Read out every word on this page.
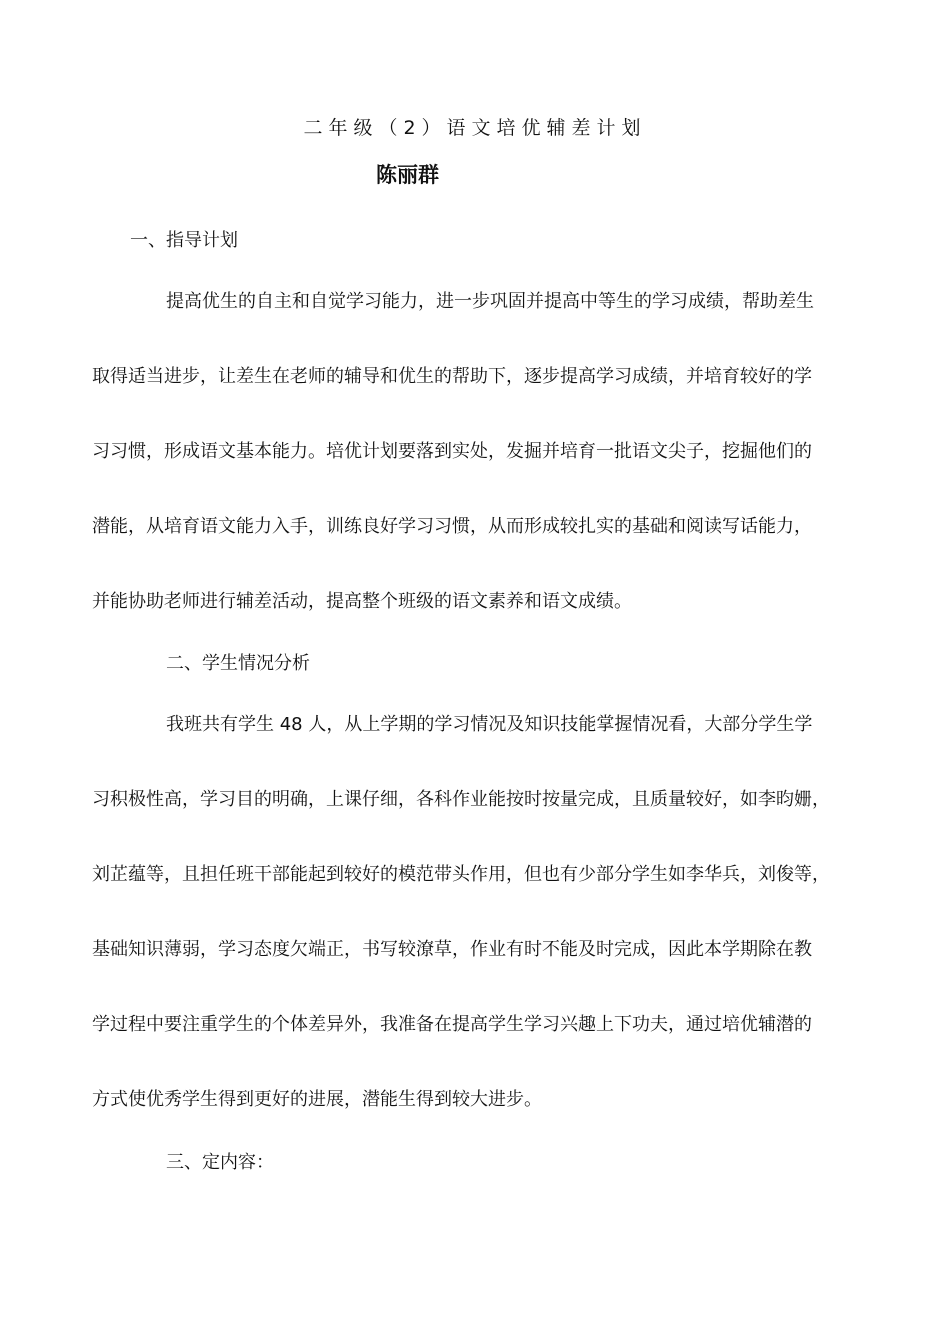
二年级（2）语文培优辅差计划

陈丽群

一、指导计划

提高优生的自主和自觉学习能力，进一步巩固并提高中等生的学习成绩，帮助差生

取得适当进步，让差生在老师的辅导和优生的帮助下，逐步提高学习成绩，并培育较好的学

习习惯，形成语文基本能力。培优计划要落到实处，发掘并培育一批语文尖子，挖掘他们的

潜能，从培育语文能力入手，训练良好学习习惯，从而形成较扎实的基础和阅读写话能力，

并能协助老师进行辅差活动，提高整个班级的语文素养和语文成绩。

二、学生情况分析

我班共有学生 48 人，从上学期的学习情况及知识技能掌握情况看，大部分学生学

习积极性高，学习目的明确，上课仔细，各科作业能按时按量完成，且质量较好，如李昀姗，

刘芷蕴等，且担任班干部能起到较好的模范带头作用，但也有少部分学生如李华兵，刘俊等，

基础知识薄弱，学习态度欠端正，书写较潦草，作业有时不能及时完成，因此本学期除在教

学过程中要注重学生的个体差异外，我准备在提高学生学习兴趣上下功夫，通过培优辅潜的

方式使优秀学生得到更好的进展，潜能生得到较大进步。

三、定内容：
